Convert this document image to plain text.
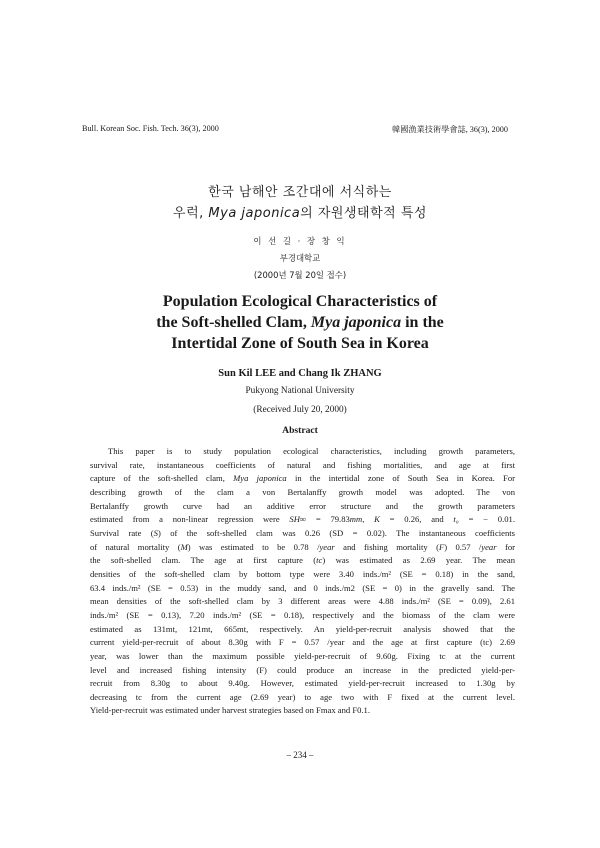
Bull. Korean Soc. Fish. Tech. 36(3), 2000	韓國漁業技術學會誌, 36(3), 2000
한국 남해안 조간대에 서식하는
우럭, Mya japonica의 자원생태학적 특성
이 선 길 · 장 창 익
부경대학교
(2000년 7월 20일 접수)
Population Ecological Characteristics of
the Soft-shelled Clam, Mya japonica in the
Intertidal Zone of South Sea in Korea
Sun Kil LEE and Chang Ik ZHANG
Pukyong National University
(Received July 20, 2000)
Abstract
This paper is to study population ecological characteristics, including growth parameters,
survival rate, instantaneous coefficients of natural and fishing mortalities, and age at first
capture of the soft-shelled clam, Mya japonica in the intertidal zone of South Sea in Korea. For
describing growth of the clam a von Bertalanffy growth model was adopted. The von
Bertalanffy growth curve had an additive error structure and the growth parameters
estimated from a non-linear regression were SH∞ = 79.83mm, K = 0.26, and t₀ = − 0.01.
Survival rate (S) of the soft-shelled clam was 0.26 (SD = 0.02). The instantaneous coefficients
of natural mortality (M) was estimated to be 0.78 /year and fishing mortality (F) 0.57 /year for
the soft-shelled clam. The age at first capture (tc) was estimated as 2.69 year. The mean
densities of the soft-shelled clam by bottom type were 3.40 inds./m² (SE = 0.18) in the sand,
63.4 inds./m² (SE = 0.53) in the muddy sand, and 0 inds./m2 (SE = 0) in the gravelly sand. The
mean densities of the soft-shelled clam by 3 different areas were 4.88 inds./m² (SE = 0.09), 2.61
inds./m² (SE = 0.13), 7.20 inds./m² (SE = 0.18), respectively and the biomass of the clam were
estimated as 131mt, 121mt, 665mt, respectively. An yield-per-recruit analysis showed that the
current yield-per-recruit of about 8.30g with F = 0.57 /year and the age at first capture (tc) 2.69
year, was lower than the maximum possible yield-per-recruit of 9.60g. Fixing tc at the current
level and increased fishing intensity (F) could produce an increase in the predicted yield-per-
recruit from 8.30g to about 9.40g. However, estimated yield-per-recruit increased to 1.30g by
decreasing tc from the current age (2.69 year) to age two with F fixed at the current level.
Yield-per-recruit was estimated under harvest strategies based on Fmax and F0.1.
– 234 –
